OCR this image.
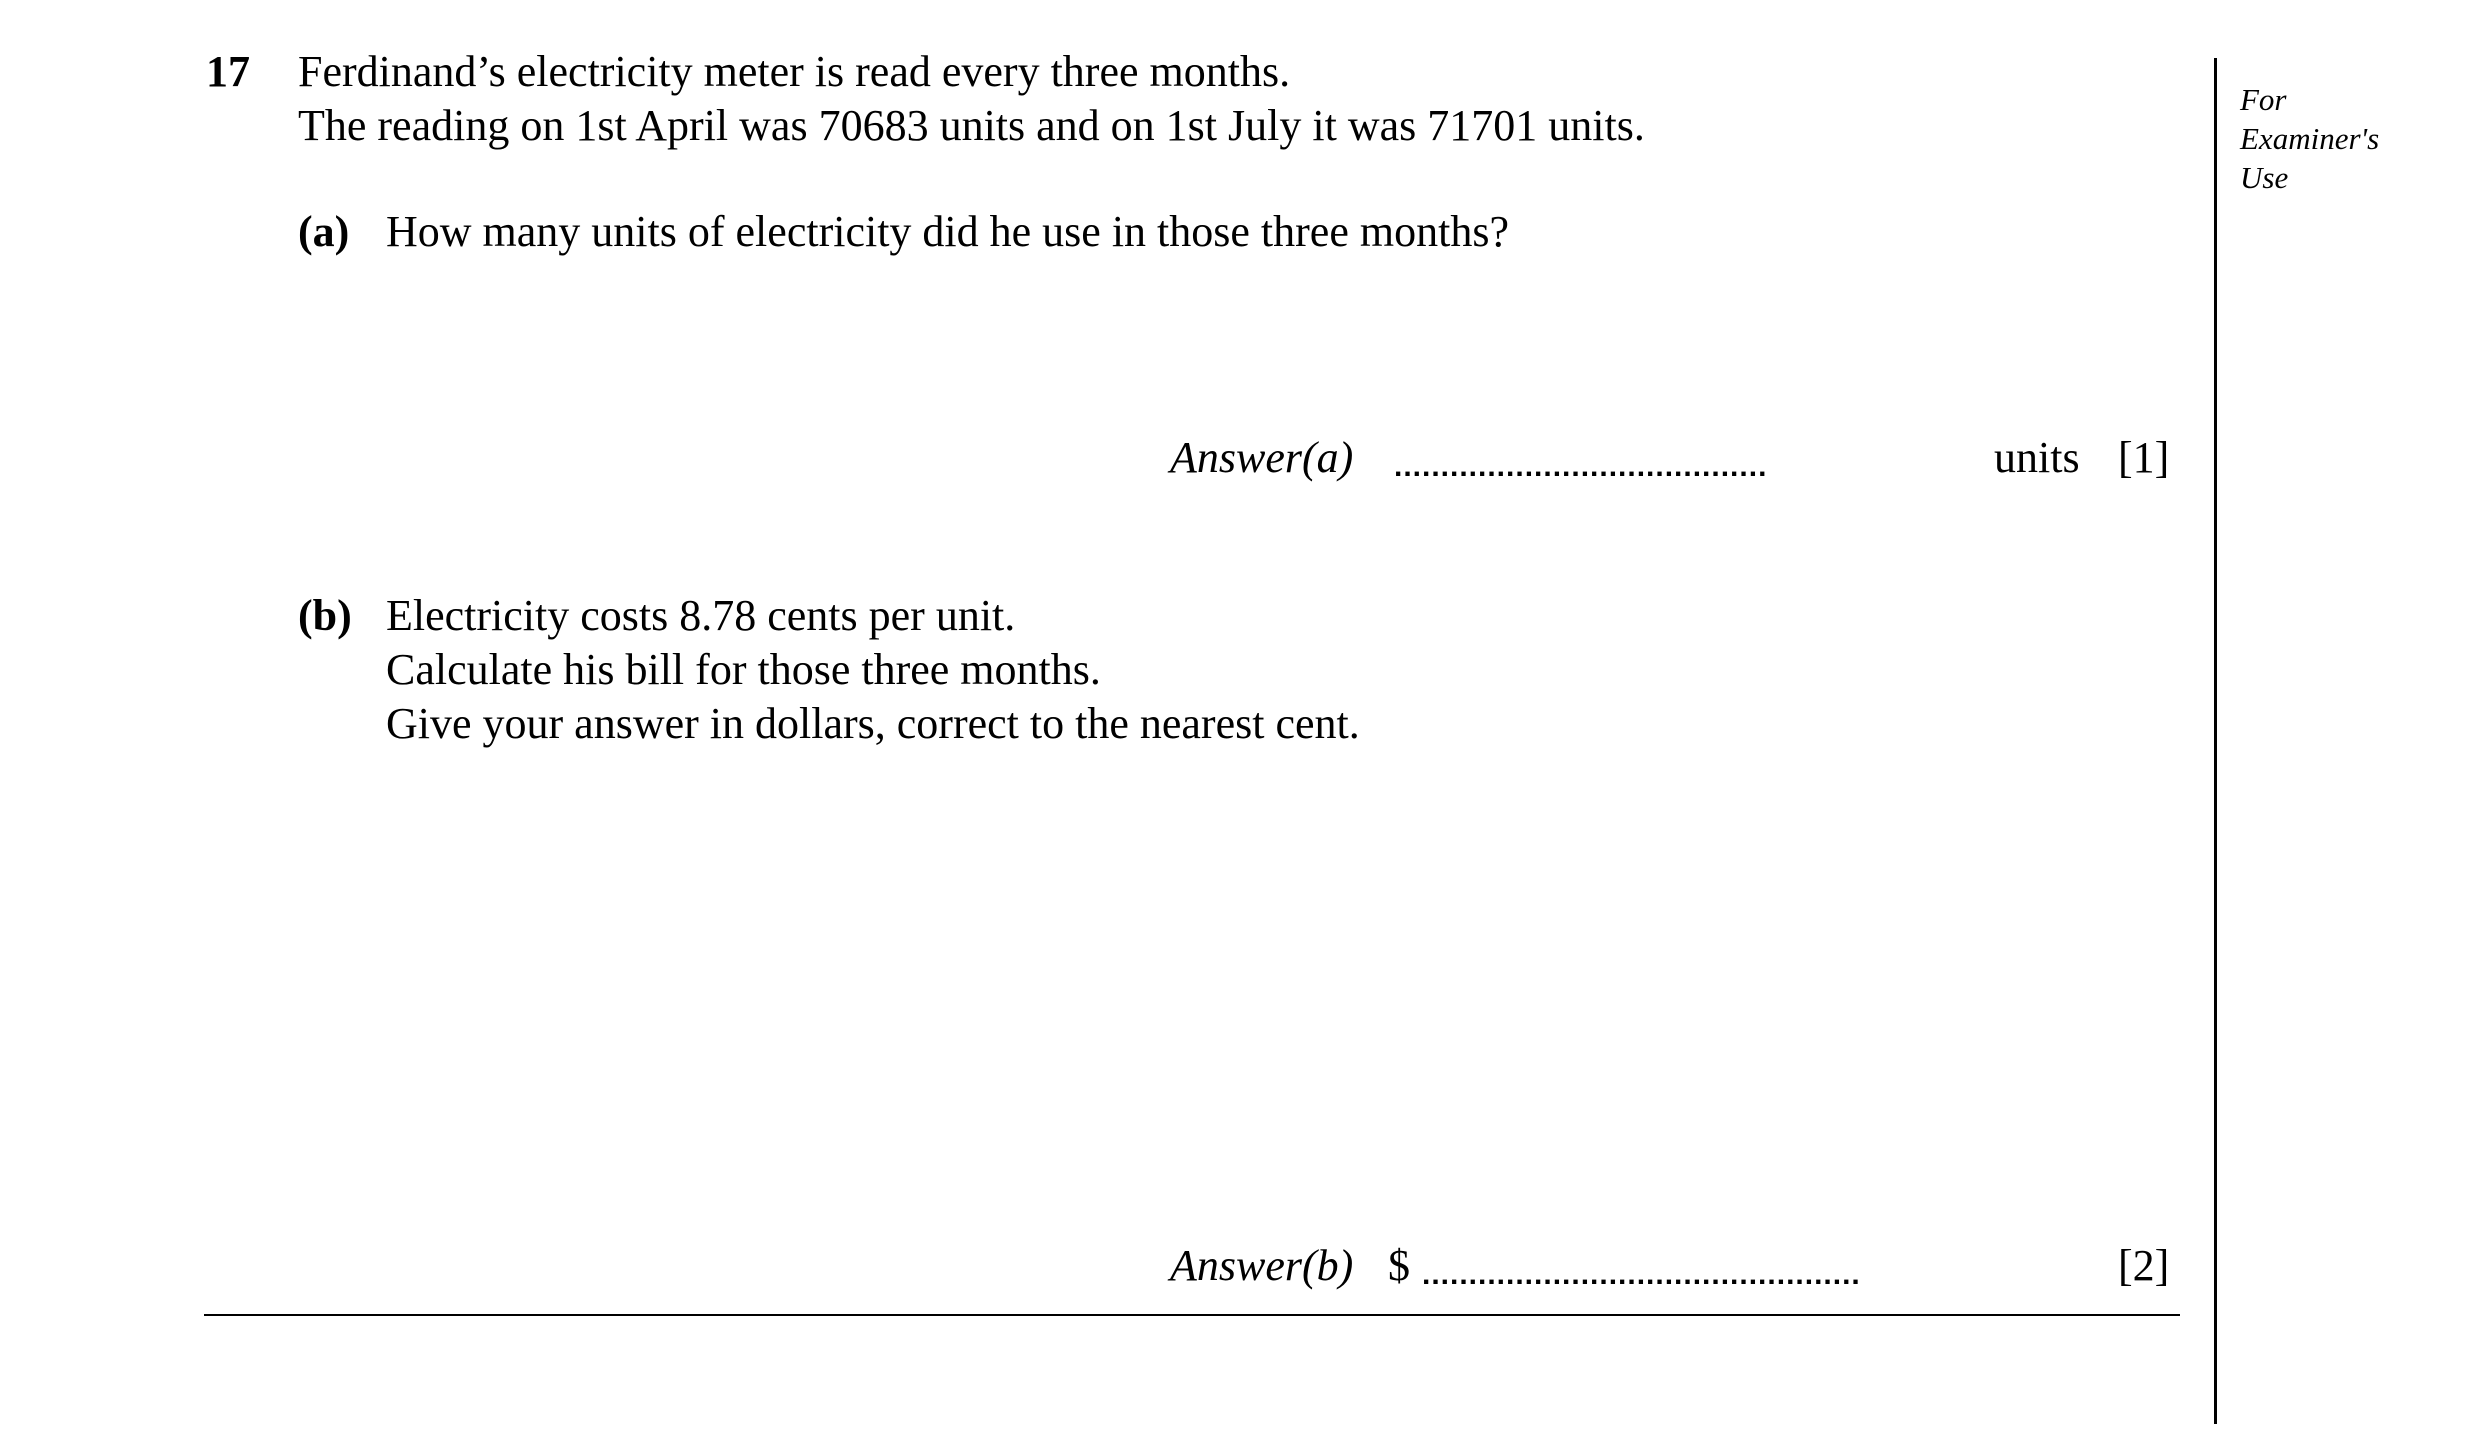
17 Ferdinand’s electricity meter is read every three months.
The reading on 1st April was 70683 units and on 1st July it was 71701 units.
(a) How many units of electricity did he use in those three months?
Answer(a) ........................................	units [1]
(b) Electricity costs 8.78 cents per unit.
Calculate his bill for those three months.
Give your answer in dollars, correct to the nearest cent.
Answer(b) $ ...............................................	[2]
For
Examiner's
Use
